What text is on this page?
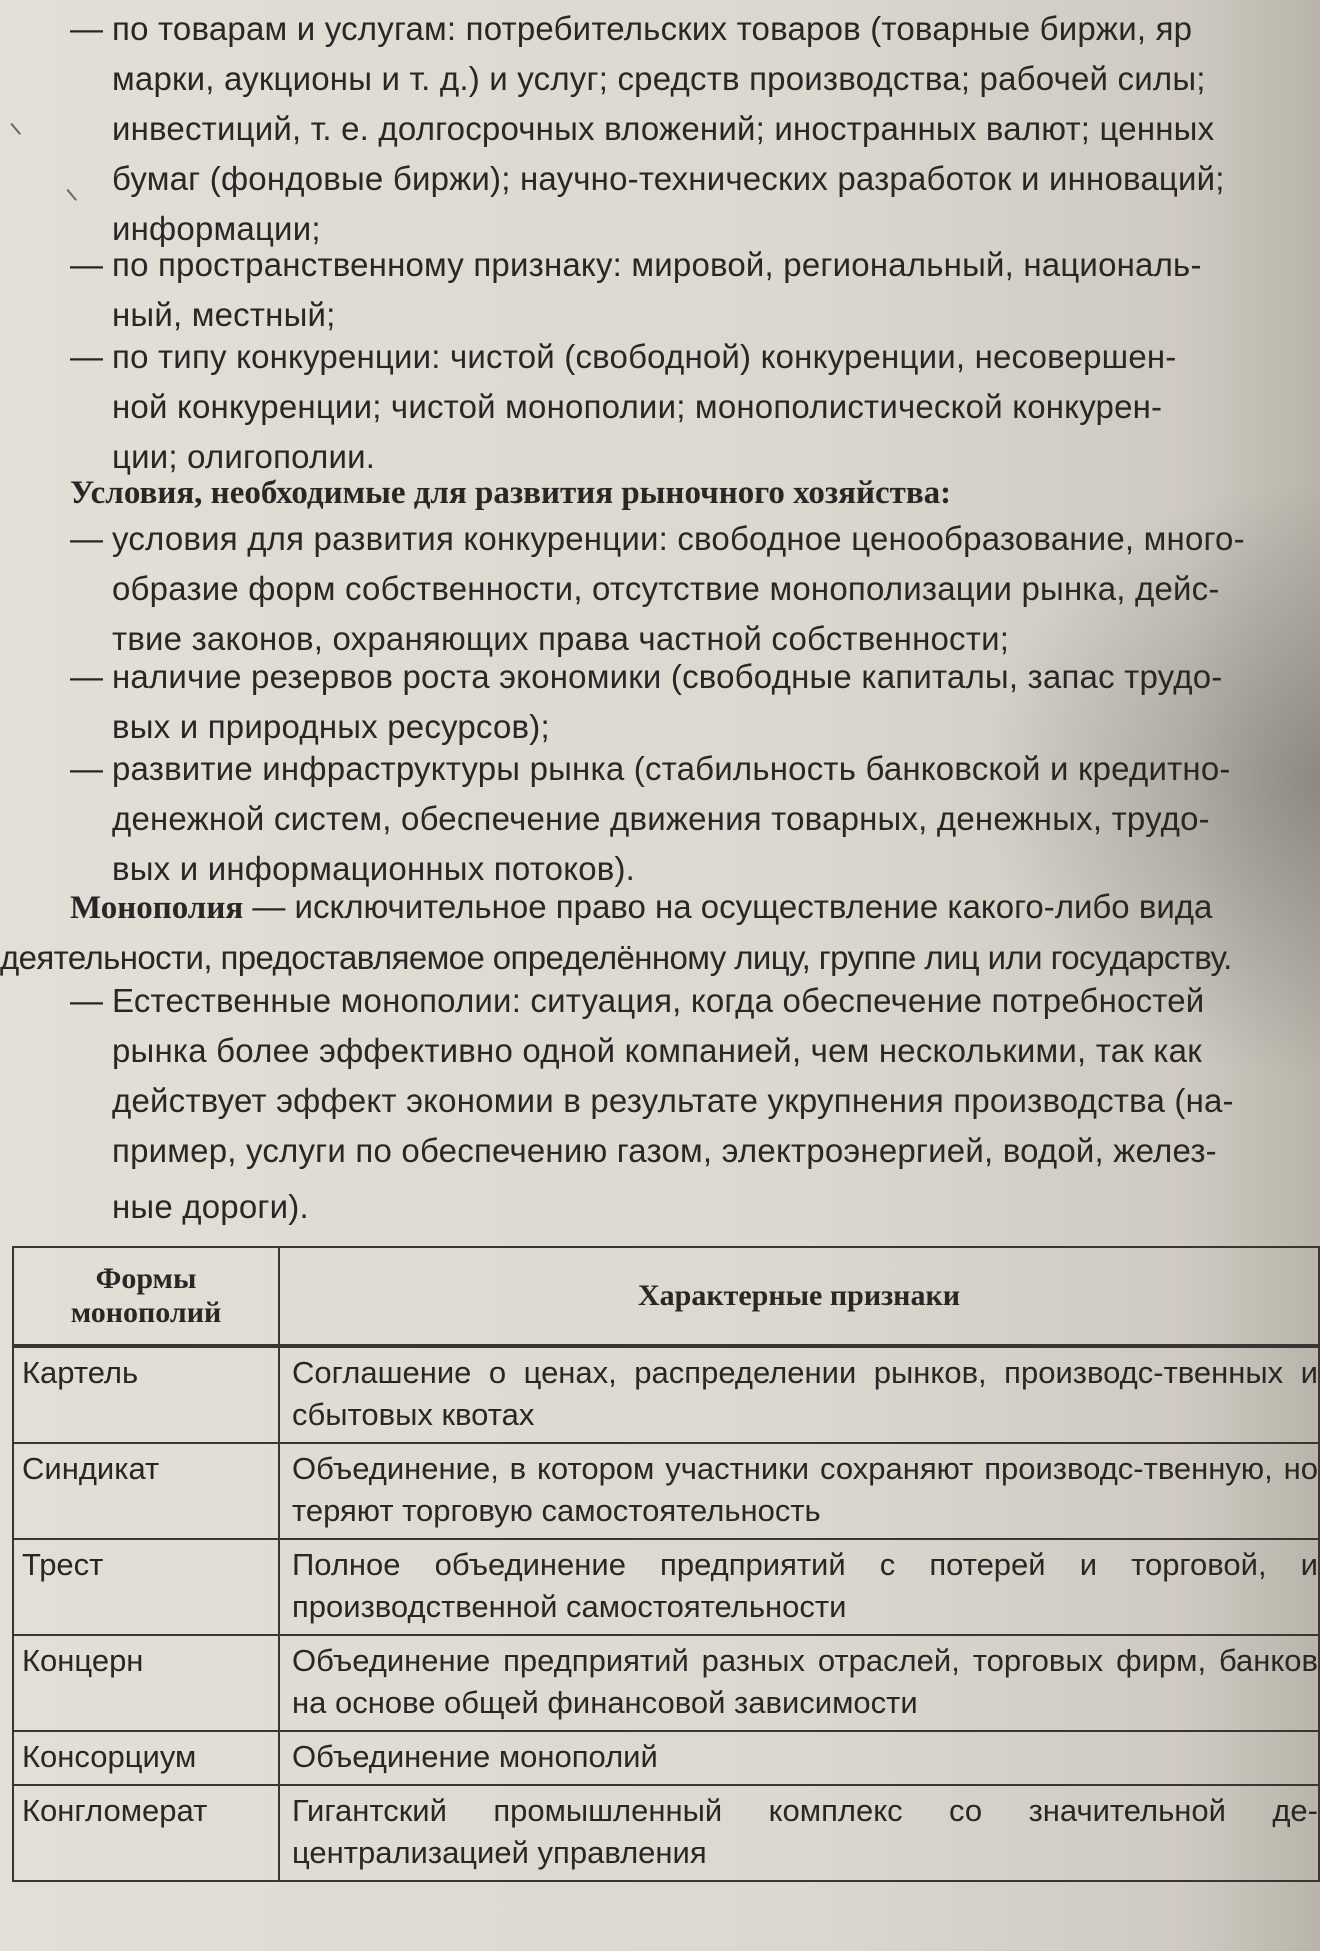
— по товарам и услугам: потребительских товаров (товарные биржи, яр
марки, аукционы и т. д.) и услуг; средств производства; рабочей силы;
инвестиций, т. е. долгосрочных вложений; иностранных валют; ценных
бумаг (фондовые биржи); научно-технических разработок и инноваций;
информации;
— по пространственному признаку: мировой, региональный, националь-
ный, местный;
— по типу конкуренции: чистой (свободной) конкуренции, несовершен-
ной конкуренции; чистой монополии; монополистической конкурен-
ции; олигополии.
Условия, необходимые для развития рыночного хозяйства:
— условия для развития конкуренции: свободное ценообразование, много-
образие форм собственности, отсутствие монополизации рынка, дейс-
твие законов, охраняющих права частной собственности;
— наличие резервов роста экономики (свободные капиталы, запас трудо-
вых и природных ресурсов);
— развитие инфраструктуры рынка (стабильность банковской и кредитно-
денежной систем, обеспечение движения товарных, денежных, трудо-
вых и информационных потоков).
Монополия — исключительное право на осуществление какого-либо вида
деятельности, предоставляемое определённому лицу, группе лиц или государству.
— Естественные монополии: ситуация, когда обеспечение потребностей
рынка более эффективно одной компанией, чем несколькими, так как
действует эффект экономии в результате укрупнения производства (на-
пример, услуги по обеспечению газом, электроэнергией, водой, желез-
ные дороги).
Формы
монополий	Характерные признаки
Картель	Соглашение о ценах, распределении рынков, производс-твенных и сбытовых квотах
Синдикат	Объединение, в котором участники сохраняют производс-твенную, но теряют торговую самостоятельность
Трест	Полное объединение предприятий с потерей и торговой, и производственной самостоятельности
Концерн	Объединение предприятий разных отраслей, торговых фирм, банков на основе общей финансовой зависимости
Консорциум	Объединение монополий
Конгломерат	Гигантский промышленный комплекс со значительной де-централизацией управления
